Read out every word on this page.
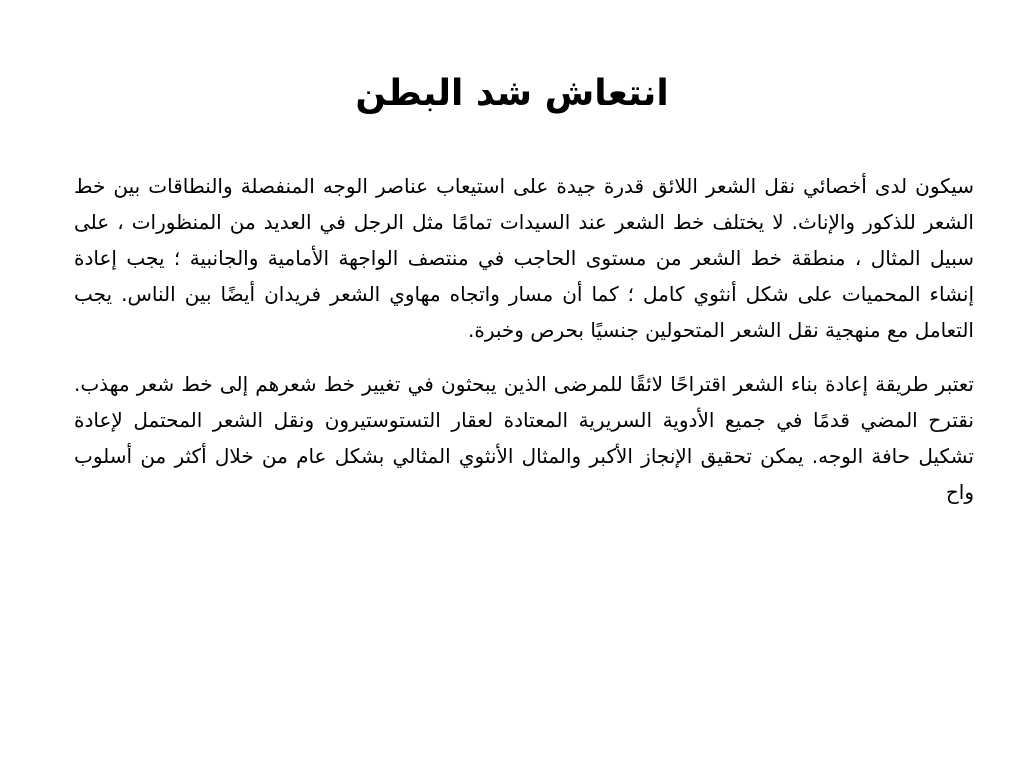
انتعاش شد البطن

سيكون لدى أخصائي نقل الشعر اللائق قدرة جيدة على استيعاب عناصر الوجه المنفصلة والنطاقات بين خط الشعر للذكور والإناث. لا يختلف خط الشعر عند السيدات تمامًا مثل الرجل في العديد من المنظورات ، على سبيل المثال ، منطقة خط الشعر من مستوى الحاجب في منتصف الواجهة الأمامية والجانبية ؛ يجب إعادة إنشاء المحميات على شكل أنثوي كامل ؛ كما أن مسار واتجاه مهاوي الشعر فريدان أيضًا بين الناس. يجب التعامل مع منهجية نقل الشعر المتحولين جنسيًا بحرص وخبرة.

تعتبر طريقة إعادة بناء الشعر اقتراحًا لائقًا للمرضى الذين يبحثون في تغيير خط شعرهم إلى خط شعر مهذب. نقترح المضي قدمًا في جميع الأدوية السريرية المعتادة لعقار التستوستيرون ونقل الشعر المحتمل لإعادة تشكيل حافة الوجه. يمكن تحقيق الإنجاز الأكبر والمثال الأنثوي المثالي بشكل عام من خلال أكثر من أسلوب واح
